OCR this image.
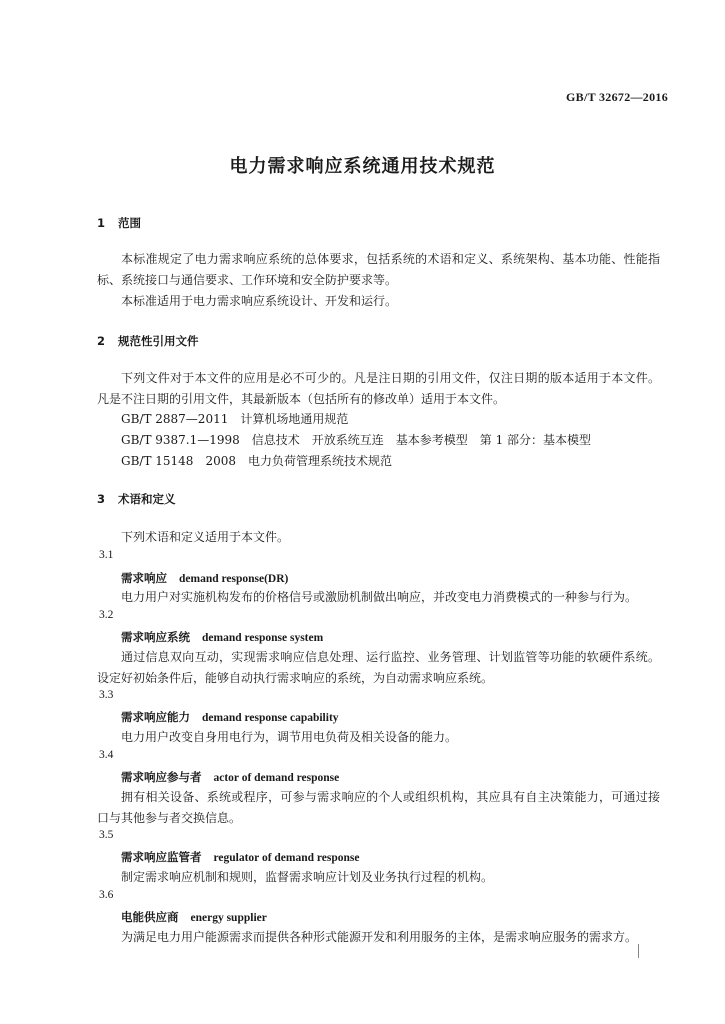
GB/T 32672—2016
电力需求响应系统通用技术规范
1 范围
本标准规定了电力需求响应系统的总体要求，包括系统的术语和定义、系统架构、基本功能、性能指标、系统接口与通信要求、工作环境和安全防护要求等。
本标准适用于电力需求响应系统设计、开发和运行。
2 规范性引用文件
下列文件对于本文件的应用是必不可少的。凡是注日期的引用文件，仅注日期的版本适用于本文件。凡是不注日期的引用文件，其最新版本（包括所有的修改单）适用于本文件。
GB/T 2887—2011　计算机场地通用规范
GB/T 9387.1—1998　信息技术　开放系统互连　基本参考模型　第 1 部分：基本模型
GB/T 15148　2008　电力负荷管理系统技术规范
3 术语和定义
下列术语和定义适用于本文件。
3.1
需求响应 demand response(DR)
电力用户对实施机构发布的价格信号或激励机制做出响应，并改变电力消费模式的一种参与行为。
3.2
需求响应系统 demand response system
通过信息双向互动，实现需求响应信息处理、运行监控、业务管理、计划监管等功能的软硬件系统。设定好初始条件后，能够自动执行需求响应的系统，为自动需求响应系统。
3.3
需求响应能力 demand response capability
电力用户改变自身用电行为，调节用电负荷及相关设备的能力。
3.4
需求响应参与者 actor of demand response
拥有相关设备、系统或程序，可参与需求响应的个人或组织机构，其应具有自主决策能力，可通过接口与其他参与者交换信息。
3.5
需求响应监管者 regulator of demand response
制定需求响应机制和规则，监督需求响应计划及业务执行过程的机构。
3.6
电能供应商 energy supplier
为满足电力用户能源需求而提供各种形式能源开发和利用服务的主体，是需求响应服务的需求方。
